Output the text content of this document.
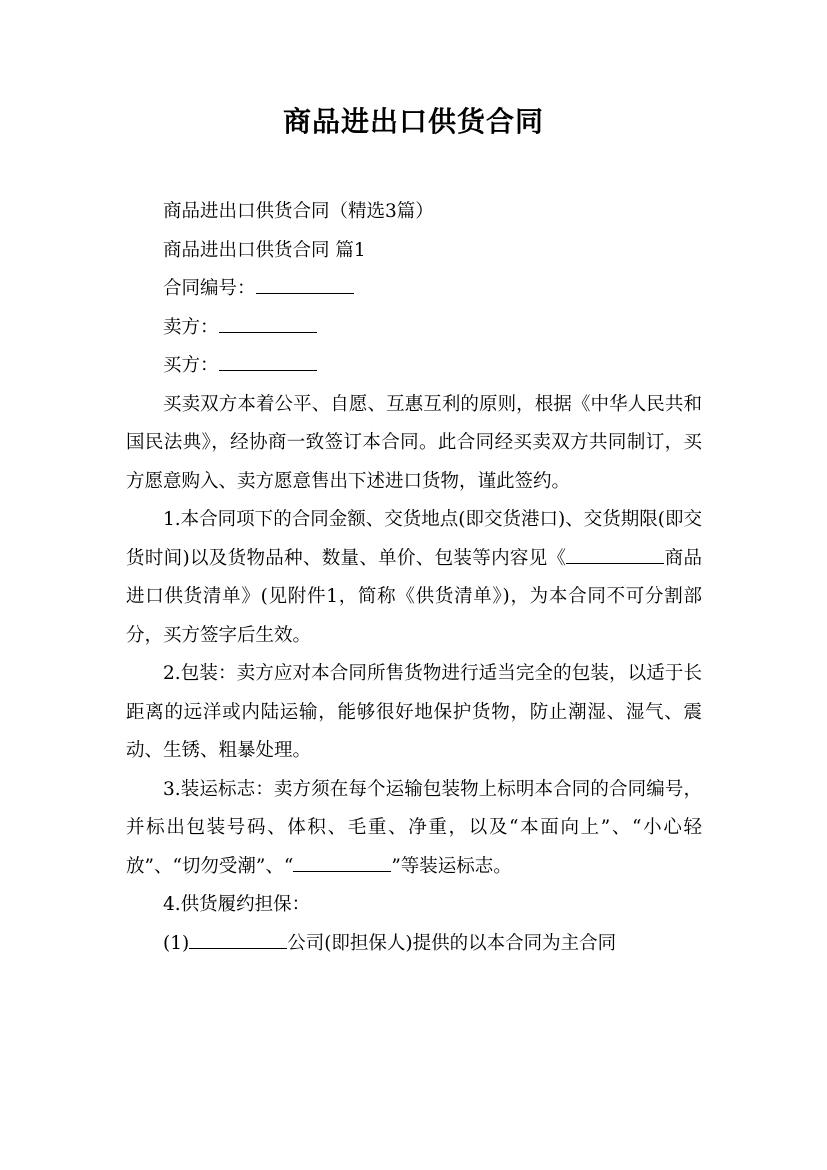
商品进出口供货合同

商品进出口供货合同（精选3篇）

商品进出口供货合同 篇1

合同编号：

卖方：

买方：

买卖双方本着公平、自愿、互惠互利的原则，根据《中华人民共和国民法典》，经协商一致签订本合同。此合同经买卖双方共同制订，买方愿意购入、卖方愿意售出下述进口货物，谨此签约。

1.本合同项下的合同金额、交货地点(即交货港口)、交货期限(即交货时间)以及货物品种、数量、单价、包装等内容见《	商品进口供货清单》(见附件1，简称《供货清单》)，为本合同不可分割部分，买方签字后生效。

2.包装：卖方应对本合同所售货物进行适当完全的包装，以适于长距离的远洋或内陆运输，能够很好地保护货物，防止潮湿、湿气、震动、生锈、粗暴处理。

3.装运标志：卖方须在每个运输包装物上标明本合同的合同编号，并标出包装号码、体积、毛重、净重，以及“本面向上”、“小心轻放”、“切勿受潮”、“	”等装运标志。

4.供货履约担保：

(1)	公司(即担保人)提供的以本合同为主合同
